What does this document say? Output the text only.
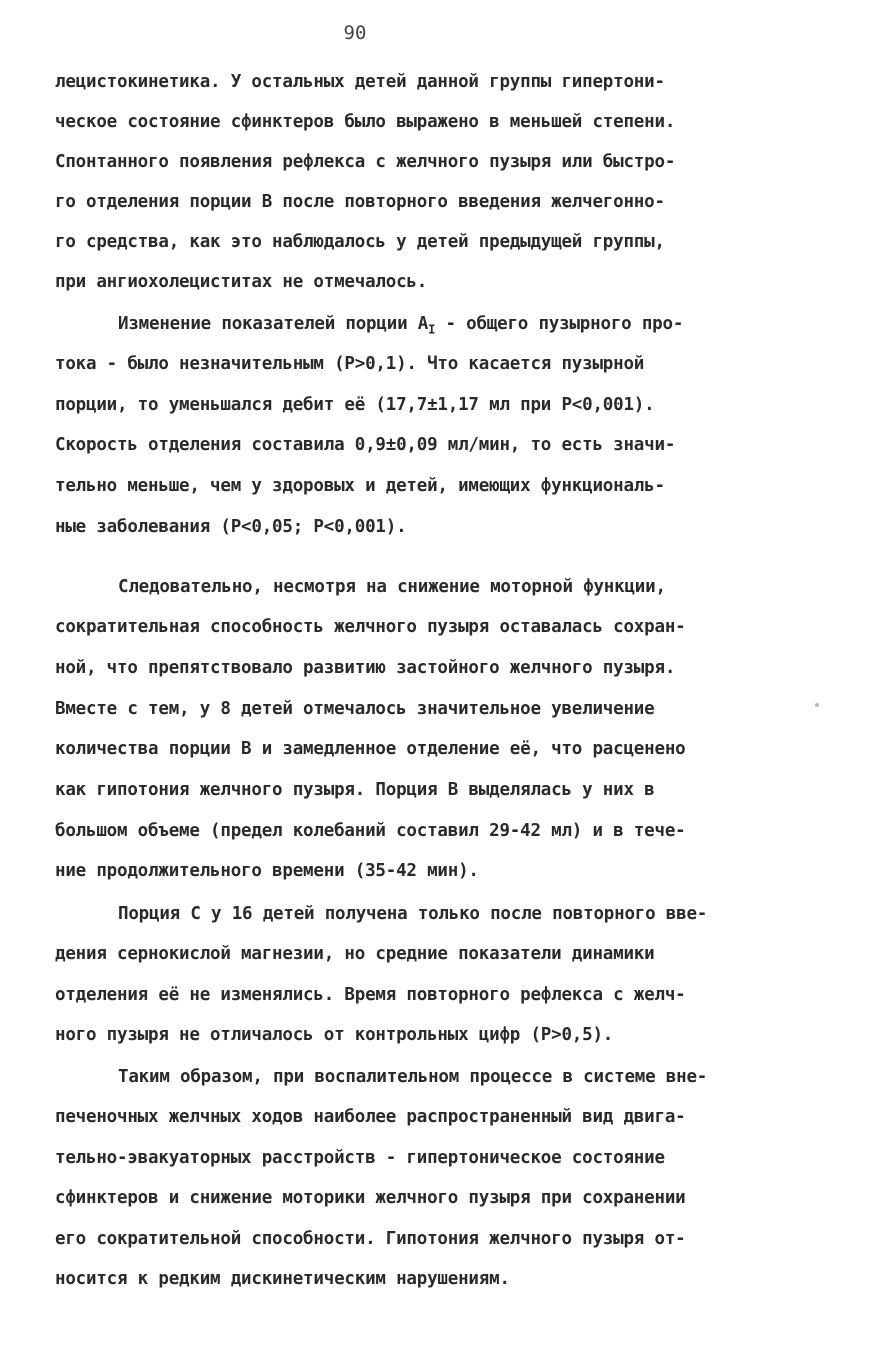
90
лецистокинетика. У остальных детей данной группы гипертони-
ческое состояние сфинктеров было выражено в меньшей степени.
Спонтанного появления рефлекса с желчного пузыря или быстро-
го отделения порции В после повторного введения желчегонно-
го средства, как это наблюдалось у детей предыдущей группы,
при ангиохолециститах не отмечалось.
Изменение показателей порции $А_I$ - общего пузырного про-
тока - было незначительным (Р>0,1). Что касается пузырной
порции, то уменьшался дебит её (17,7±1,17 мл при Р<0,001).
Скорость отделения составила 0,9±0,09 мл/мин, то есть значи-
тельно меньше, чем у здоровых и детей, имеющих функциональ-
ные заболевания (Р<0,05; Р<0,001).
Следовательно, несмотря на снижение моторной функции,
сократительная способность желчного пузыря оставалась сохран-
ной, что препятствовало развитию застойного желчного пузыря.
Вместе с тем, у 8 детей отмечалось значительное увеличение
количества порции В и замедленное отделение её, что расценено
как гипотония желчного пузыря. Порция В выделялась у них в
большом объеме (предел колебаний составил 29-42 мл) и в тече-
ние продолжительного времени (35-42 мин).
Порция С у 16 детей получена только после повторного вве-
дения сернокислой магнезии, но средние показатели динамики
отделения её не изменялись. Время повторного рефлекса с желч-
ного пузыря не отличалось от контрольных цифр (Р>0,5).
Таким образом, при воспалительном процессе в системе вне-
печеночных желчных ходов наиболее распространенный вид двига-
тельно-эвакуаторных расстройств - гипертоническое состояние
сфинктеров и снижение моторики желчного пузыря при сохранении
его сократительной способности. Гипотония желчного пузыря от-
носится к редким дискинетическим нарушениям.
